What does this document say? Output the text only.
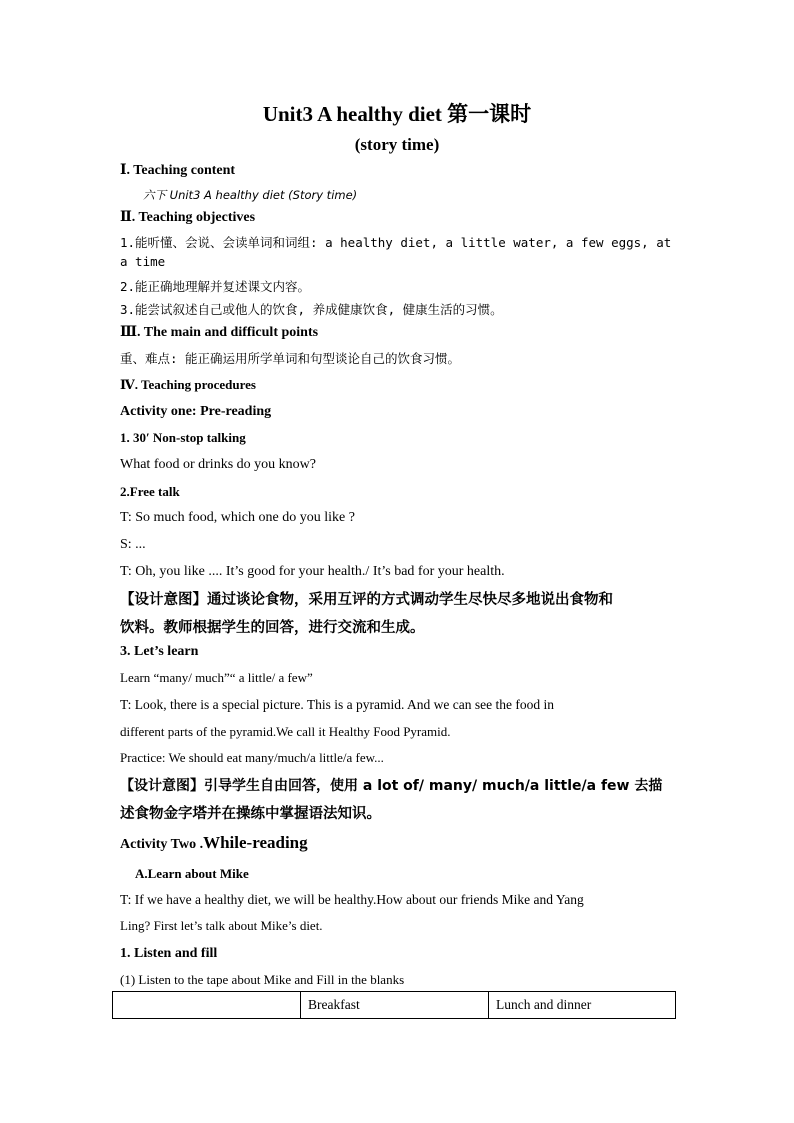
Unit3 A healthy diet 第一课时
(story time)
Ⅰ. Teaching content
六下 Unit3 A healthy diet (Story time)
Ⅱ. Teaching objectives
1.能听懂、会说、会读单词和词组: a healthy diet, a little water, a few eggs, at
a time
2.能正确地理解并复述课文内容。
3.能尝试叙述自己或他人的饮食, 养成健康饮食, 健康生活的习惯。
Ⅲ. The main and difficult points
重、难点: 能正确运用所学单词和句型谈论自己的饮食习惯。
Ⅳ. Teaching procedures
Activity one: Pre-reading
1. 30′ Non-stop talking
What food or drinks do you know?
2.Free talk
T: So much food, which one do you like ?
S: ...
T: Oh, you like .... It’s good for your health./ It’s bad for your health.
【设计意图】通过谈论食物，采用互评的方式调动学生尽快尽多地说出食物和
饮料。教师根据学生的回答，进行交流和生成。
3. Let’s learn
Learn “many/ much”“ a little/ a few”
T: Look, there is a special picture. This is a pyramid. And we can see the food in
different parts of the pyramid.We call it Healthy Food Pyramid.
Practice: We should eat many/much/a little/a few...
【设计意图】引导学生自由回答，使用 a lot of/ many/ much/a little/a few 去描
述食物金字塔并在操练中掌握语法知识。
Activity Two .While-reading
A.Learn about Mike
T: If we have a healthy diet, we will be healthy.How about our friends Mike and Yang
Ling? First let’s talk about Mike’s diet.
1. Listen and fill
(1) Listen to the tape about Mike and Fill in the blanks
	Breakfast	Lunch and dinner
